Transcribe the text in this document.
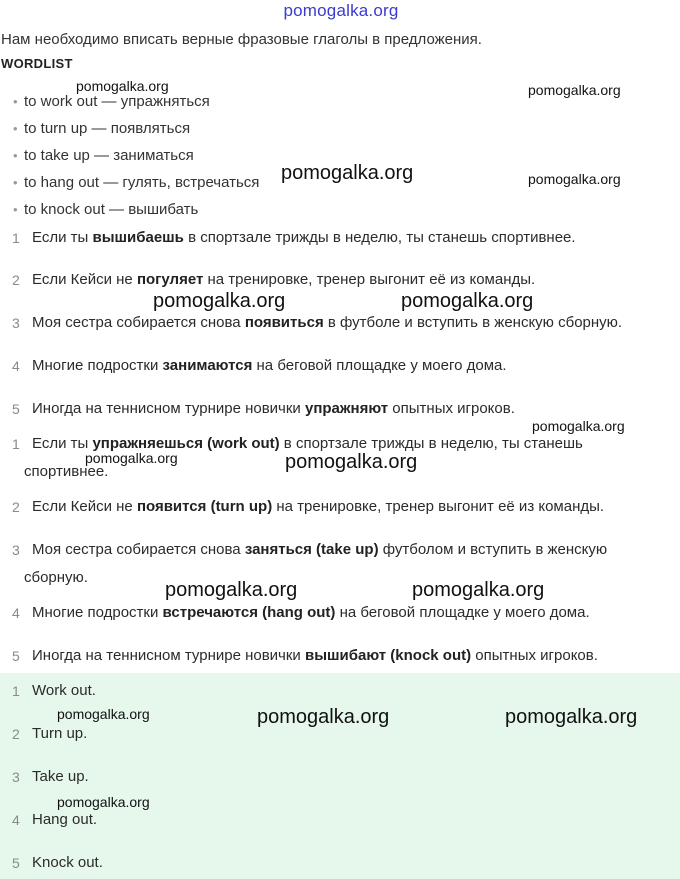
pomogalka.org
Нам необходимо вписать верные фразовые глаголы в предложения.
WORDLIST
• to work out — упражняться
• to turn up — появляться
• to take up — заниматься
• to hang out — гулять, встречаться
• to knock out — вышибать
1 Если ты вышибаешь в спортзале трижды в неделю, ты станешь спортивнее.
2 Если Кейси не погуляет на тренировке, тренер выгонит её из команды.
3 Моя сестра собирается снова появиться в футболе и вступить в женскую сборную.
4 Многие подростки занимаются на беговой площадке у моего дома.
5 Иногда на теннисном турнире новички упражняют опытных игроков.
1 Если ты упражняешься (work out) в спортзале трижды в неделю, ты станешь
спортивнее.
2 Если Кейси не появится (turn up) на тренировке, тренер выгонит её из команды.
3 Моя сестра собирается снова заняться (take up) футболом и вступить в женскую
сборную.
4 Многие подростки встречаются (hang out) на беговой площадке у моего дома.
5 Иногда на теннисном турнире новички вышибают (knock out) опытных игроков.
1 Work out.
2 Turn up.
3 Take up.
4 Hang out.
5 Knock out.
pomogalka.org	pomogalka.org
pomogalka.org	pomogalka.org
pomogalka.org	pomogalka.org
pomogalka.org
pomogalka.org	pomogalka.org
pomogalka.org	pomogalka.org
pomogalka.org	pomogalka.org	pomogalka.org
pomogalka.org
